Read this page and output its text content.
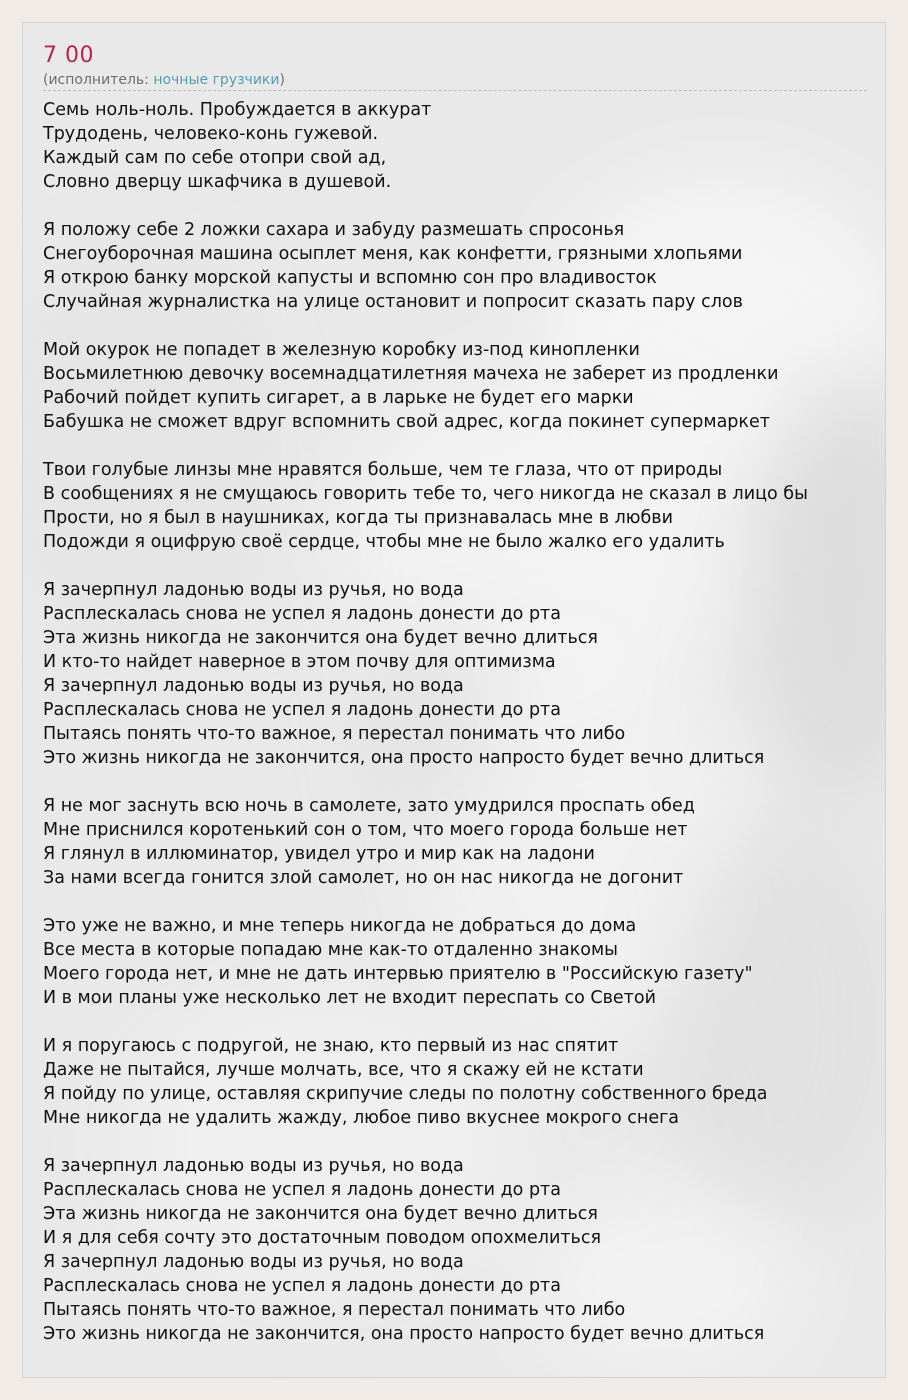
7 00
(исполнитель: ночные грузчики)
Семь ноль-ноль. Пробуждается в аккурат
Трудодень, человеко-конь гужевой.
Каждый сам по себе отопри свой ад,
Словно дверцу шкафчика в душевой.
Я положу себе 2 ложки сахара и забуду размешать спросонья
Снегоуборочная машина осыплет меня, как конфетти, грязными хлопьями
Я открою банку морской капусты и вспомню сон про владивосток
Случайная журналистка на улице остановит и попросит сказать пару слов
Мой окурок не попадет в железную коробку из-под кинопленки
Восьмилетнюю девочку восемнадцатилетняя мачеха не заберет из продленки
Рабочий пойдет купить сигарет, а в ларьке не будет его марки
Бабушка не сможет вдруг вспомнить свой адрес, когда покинет супермаркет
Твои голубые линзы мне нравятся больше, чем те глаза, что от природы
В сообщениях я не смущаюсь говорить тебе то, чего никогда не сказал в лицо бы
Прости, но я был в наушниках, когда ты признавалась мне в любви
Подожди я оцифрую своё сердце, чтобы мне не было жалко его удалить
Я зачерпнул ладонью воды из ручья, но вода
Расплескалась снова не успел я ладонь донести до рта
Эта жизнь никогда не закончится она будет вечно длиться
И кто-то найдет наверное в этом почву для оптимизма
Я зачерпнул ладонью воды из ручья, но вода
Расплескалась снова не успел я ладонь донести до рта
Пытаясь понять что-то важное, я перестал понимать что либо
Это жизнь никогда не закончится, она просто напросто будет вечно длиться
Я не мог заснуть всю ночь в самолете, зато умудрился проспать обед
Мне приснился коротенький сон о том, что моего города больше нет
Я глянул в иллюминатор, увидел утро и мир как на ладони
За нами всегда гонится злой самолет, но он нас никогда не догонит
Это уже не важно, и мне теперь никогда не добраться до дома
Все места в которые попадаю мне как-то отдаленно знакомы
Моего города нет, и мне не дать интервью приятелю в "Российскую газету"
И в мои планы уже несколько лет не входит переспать со Светой
И я поругаюсь с подругой, не знаю, кто первый из нас спятит
Даже не пытайся, лучше молчать, все, что я скажу ей не кстати
Я пойду по улице, оставляя скрипучие следы по полотну собственного бреда
Мне никогда не удалить жажду, любое пиво вкуснее мокрого снега
Я зачерпнул ладонью воды из ручья, но вода
Расплескалась снова не успел я ладонь донести до рта
Эта жизнь никогда не закончится она будет вечно длиться
И я для себя сочту это достаточным поводом опохмелиться
Я зачерпнул ладонью воды из ручья, но вода
Расплескалась снова не успел я ладонь донести до рта
Пытаясь понять что-то важное, я перестал понимать что либо
Это жизнь никогда не закончится, она просто напросто будет вечно длиться
